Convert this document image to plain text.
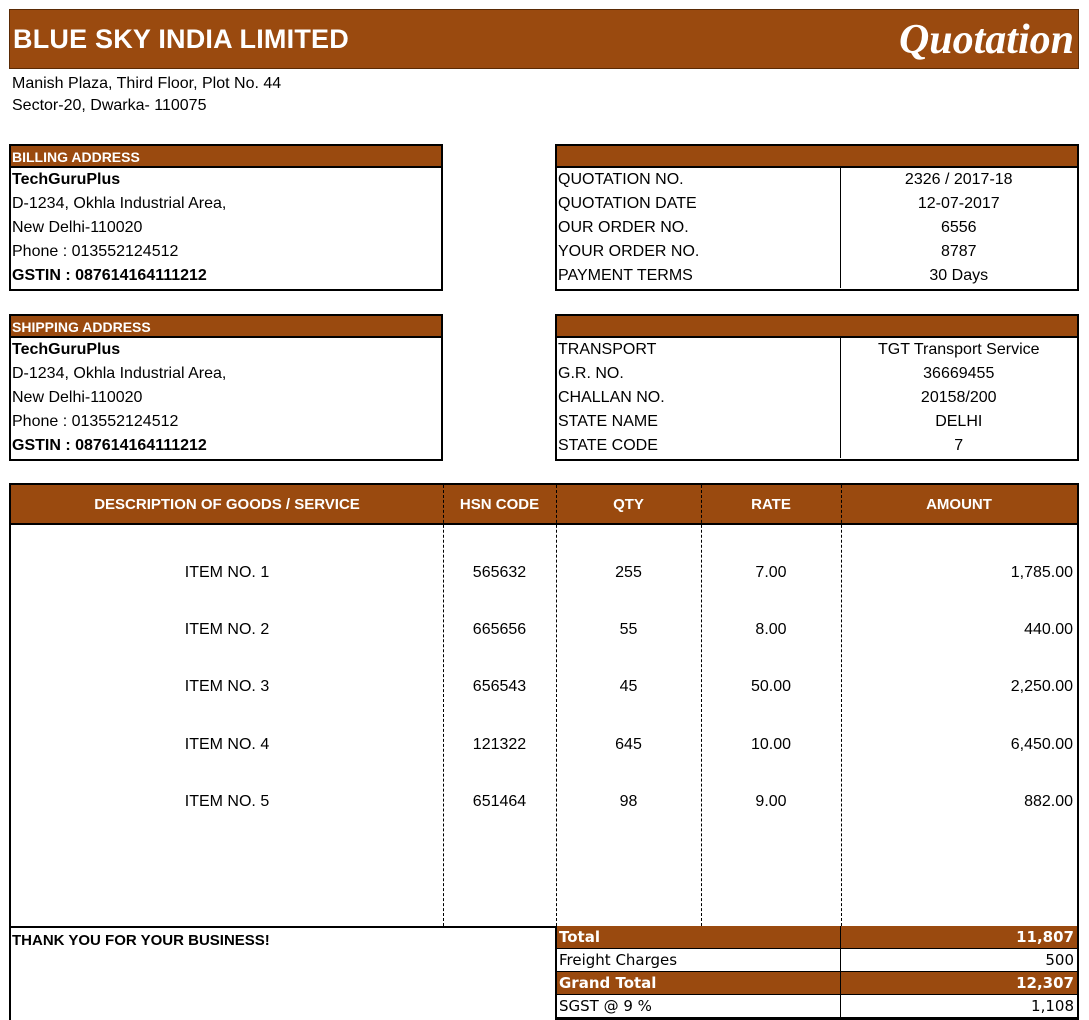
BLUE SKY INDIA LIMITED	Quotation
Manish Plaza, Third Floor, Plot No. 44
Sector-20, Dwarka- 110075
BILLING ADDRESS
TechGuruPlus
D-1234, Okhla Industrial Area,
New Delhi-110020
Phone : 013552124512
GSTIN : 087614164111212
QUOTATION NO.	2326 / 2017-18
QUOTATION DATE	12-07-2017
OUR ORDER NO.	6556
YOUR ORDER NO.	8787
PAYMENT TERMS	30 Days
SHIPPING ADDRESS
TechGuruPlus
D-1234, Okhla Industrial Area,
New Delhi-110020
Phone : 013552124512
GSTIN : 087614164111212
TRANSPORT	TGT Transport Service
G.R. NO.	36669455
CHALLAN NO.	20158/200
STATE NAME	DELHI
STATE CODE	7
DESCRIPTION OF GOODS / SERVICE	HSN CODE	QTY	RATE	AMOUNT
ITEM NO. 1	565632	255	7.00	1,785.00
ITEM NO. 2	665656	55	8.00	440.00
ITEM NO. 3	656543	45	50.00	2,250.00
ITEM NO. 4	121322	645	10.00	6,450.00
ITEM NO. 5	651464	98	9.00	882.00
THANK YOU FOR YOUR BUSINESS!	Total	11,807
Freight Charges	500
Grand Total	12,307
SGST @ 9 %	1,108
